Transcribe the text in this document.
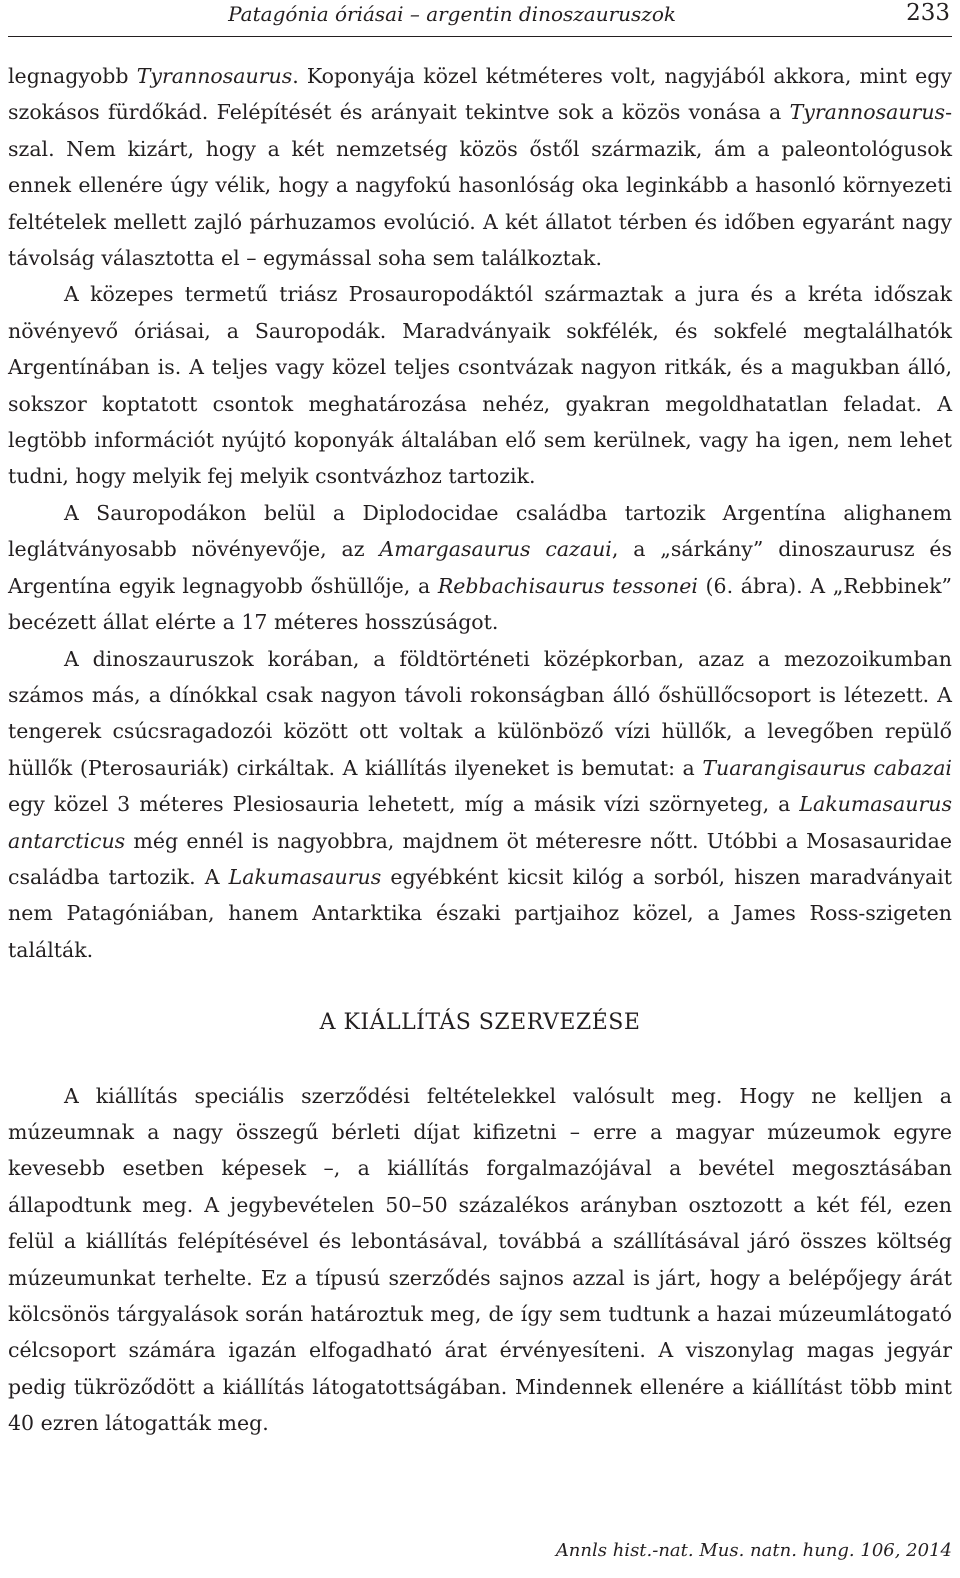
Patagónia óriásai – argentin dinoszauruszok	233

legnagyobb Tyrannosaurus. Koponyája közel kétméteres volt, nagyjából akkora, mint egy szokásos fürdőkád. Felépítését és arányait tekintve sok a közös vonása a Tyrannosaurus-szal. Nem kizárt, hogy a két nemzetség közös őstől származik, ám a paleontológusok ennek ellenére úgy vélik, hogy a nagyfokú hasonlóság oka leginkább a hasonló környezeti feltételek mellett zajló párhuzamos evolúció. A két állatot térben és időben egyaránt nagy távolság választotta el – egymással soha sem találkoztak.

A közepes termetű triász Prosauropodáktól származtak a jura és a kréta időszak növényevő óriásai, a Sauropodák. Maradványaik sokfélék, és sokfelé megtalálhatók Argentínában is. A teljes vagy közel teljes csontvázak nagyon ritkák, és a magukban álló, sokszor koptatott csontok meghatározása nehéz, gyakran megoldhatatlan feladat. A legtöbb információt nyújtó koponyák általában elő sem kerülnek, vagy ha igen, nem lehet tudni, hogy melyik fej melyik csontvázhoz tartozik.

A Sauropodákon belül a Diplodocidae családba tartozik Argentína alighanem leglátványosabb növényevője, az Amargasaurus cazaui, a „sárkány” dinoszaurusz és Argentína egyik legnagyobb őshüllője, a Rebbachisaurus tessonei (6. ábra). A „Rebbinek” becézett állat elérte a 17 méteres hosszúságot.

A dinoszauruszok korában, a földtörténeti középkorban, azaz a mezozoikumban számos más, a dínókkal csak nagyon távoli rokonságban álló őshüllőcsoport is létezett. A tengerek csúcsragadozói között ott voltak a különböző vízi hüllők, a levegőben repülő hüllők (Pterosauriák) cirkáltak. A kiállítás ilyeneket is bemutat: a Tuarangisaurus cabazai egy közel 3 méteres Plesiosauria lehetett, míg a másik vízi szörnyeteg, a Lakumasaurus antarcticus még ennél is nagyobbra, majdnem öt méteresre nőtt. Utóbbi a Mosasauridae családba tartozik. A Lakumasaurus egyébként kicsit kilóg a sorból, hiszen maradványait nem Patagóniában, hanem Antarktika északi partjaihoz közel, a James Ross-szigeten találták.

A KIÁLLÍTÁS SZERVEZÉSE

A kiállítás speciális szerződési feltételekkel valósult meg. Hogy ne kelljen a múzeumnak a nagy összegű bérleti díjat kifizetni – erre a magyar múzeumok egyre kevesebb esetben képesek –, a kiállítás forgalmazójával a bevétel megosztásában állapodtunk meg. A jegybevételen 50–50 százalékos arányban osztozott a két fél, ezen felül a kiállítás felépítésével és lebontásával, továbbá a szállításával járó összes költség múzeumunkat terhelte. Ez a típusú szerződés sajnos azzal is járt, hogy a belépőjegy árát kölcsönös tárgyalások során határoztuk meg, de így sem tudtunk a hazai múzeumlátogató célcsoport számára igazán elfogadható árat érvényesíteni. A viszonylag magas jegyár pedig tükröződött a kiállítás látogatottságában. Mindennek ellenére a kiállítást több mint 40 ezren látogatták meg.

Annls hist.-nat. Mus. natn. hung. 106, 2014
